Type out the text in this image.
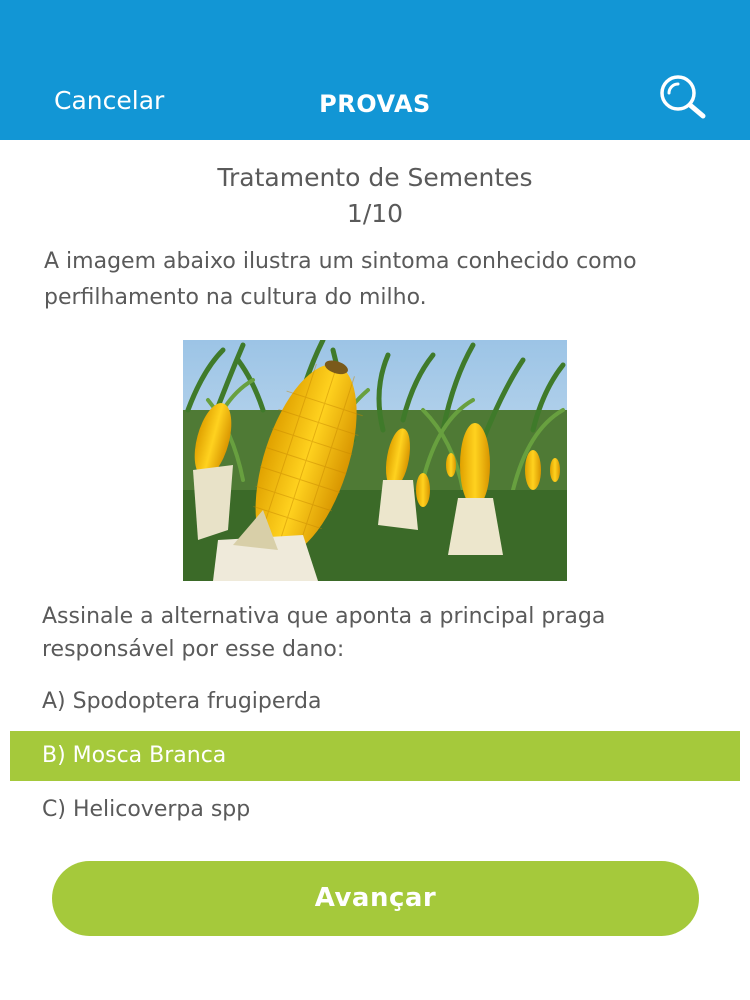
Cancelar	PROVAS
Tratamento de Sementes
1/10
A imagem abaixo ilustra um sintoma conhecido como perfilhamento na cultura do milho.
Assinale a alternativa que aponta a principal praga responsável por esse dano:
A) Spodoptera frugiperda
B) Mosca Branca
C) Helicoverpa spp
Avançar
